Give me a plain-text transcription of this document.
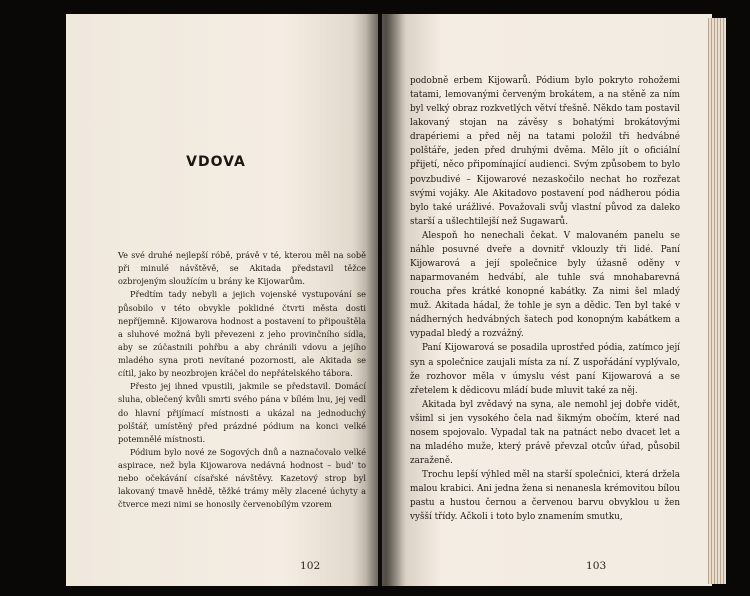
VDOVA

Ve své druhé nejlepší róbě, právě v té, kterou měl na sobě při minulé návštěvě, se Akitada představil těžce ozbrojeným sloužícím u brány ke Kijowarům.

Předtím tady nebyli a jejich vojenské vystupování se působilo v této obvykle poklidné čtvrti města dosti nepříjemně. Kijowarova hodnost a postavení to připouštěla a sluhové možná byli převezeni z jeho provinčního sídla, aby se zúčastnili pohřbu a aby chránili vdovu a jejího mladého syna proti nevítané pozornosti, ale Akitada se cítil, jako by neozbrojen kráčel do nepřátelského tábora.

Přesto jej ihned vpustili, jakmile se představil. Domácí sluha, oblečený kvůli smrti svého pána v bílém lnu, jej vedl do hlavní přijímací místnosti a ukázal na jednoduchý polštář, umístěný před prázdné pódium na konci velké potemnělé místnosti.

Pódium bylo nové ze Sogových dnů a naznačovalo velké aspirace, než byla Kijowarova nedávná hodnost – bud' to nebo očekávání císařské návštěvy. Kazetový strop byl lakovaný tmavě hnědě, těžké trámy měly zlacené úchyty a čtverce mezi nimi se honosily červenobílým vzorem

102	103

podobně erbem Kijowarů. Pódium bylo pokryto rohožemi tatami, lemovanými červeným brokátem, a na stěně za ním byl velký obraz rozkvetlých větví třešně. Někdo tam postavil lakovaný stojan na závěsy s bohatými brokátovými drapériemi a před něj na tatami položil tři hedvábné polštáře, jeden před druhými dvěma. Mělo jít o oficiální přijetí, něco připomínající audienci. Svým způsobem to bylo povzbudivé – Kijowarové nezaskočilo nechat ho rozřezat svými vojáky. Ale Akitadovo postavení pod nádherou pódia bylo také urážlivé. Považovali svůj vlastní původ za daleko starší a ušlechtilejší než Sugawarů.

Alespoň ho nenechali čekat. V malovaném panelu se náhle posuvné dveře a dovnitř vklouzly tři lidé. Paní Kijowarová a její společnice byly úžasně oděny v naparmovaném hedvábí, ale tuhle svá mnohabarevná roucha přes krátké konopné kabátky. Za nimi šel mladý muž. Akitada hádal, že tohle je syn a dědic. Ten byl také v nádherných hedvábných šatech pod konopným kabátkem a vypadal bledý a rozvážný.

Paní Kijowarová se posadila uprostřed pódia, zatímco její syn a společnice zaujali místa za ní. Z uspořádání vyplývalo, že rozhovor měla v úmyslu vést paní Kijowarová a se zřetelem k dědicovu mládí bude mluvit také za něj.

Akitada byl zvědavý na syna, ale nemohl jej dobře vidět, všiml si jen vysokého čela nad šikmým obočím, které nad nosem spojovalo. Vypadal tak na patnáct nebo dvacet let a na mladého muže, který právě převzal otcův úřad, působil zaraženě.

Trochu lepší výhled měl na starší společnici, která držela malou krabici. Ani jedna žena si nenanesla krémovitou bílou pastu a hustou černou a červenou barvu obvyklou u žen vyšší třídy. Ačkoli i toto bylo znamením smutku,
